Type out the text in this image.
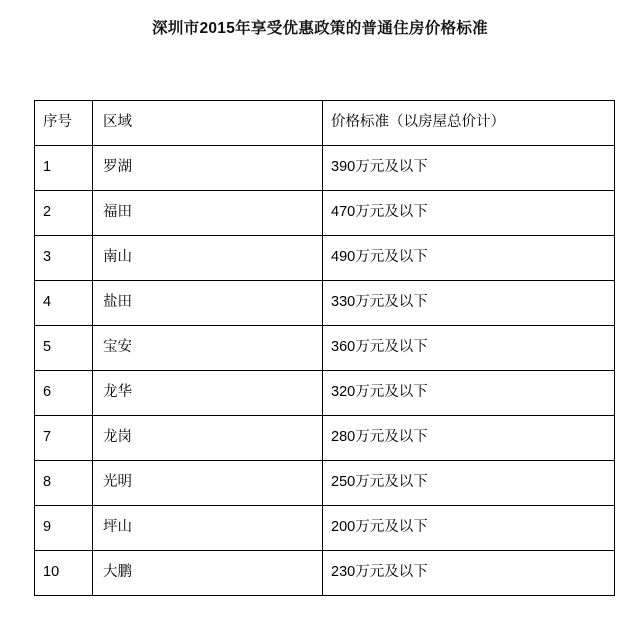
深圳市2015年享受优惠政策的普通住房价格标准
序号	区域	价格标准（以房屋总价计）
1	罗湖	390万元及以下
2	福田	470万元及以下
3	南山	490万元及以下
4	盐田	330万元及以下
5	宝安	360万元及以下
6	龙华	320万元及以下
7	龙岗	280万元及以下
8	光明	250万元及以下
9	坪山	200万元及以下
10	大鹏	230万元及以下
